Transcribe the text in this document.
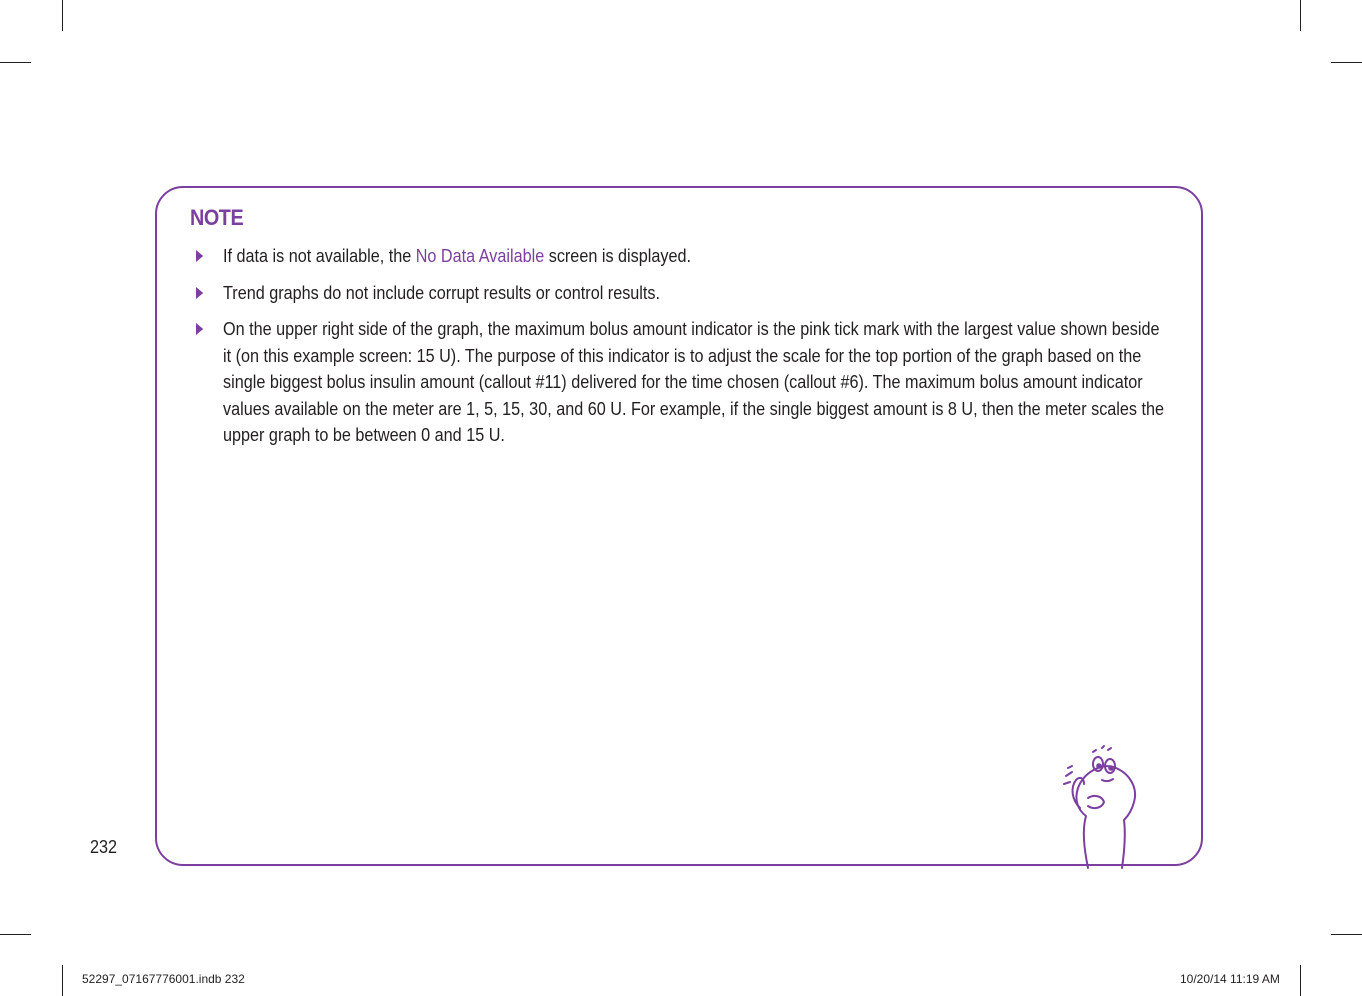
NOTE
If data is not available, the No Data Available screen is displayed.
Trend graphs do not include corrupt results or control results.
On the upper right side of the graph, the maximum bolus amount indicator is the pink tick mark with the largest value shown beside it (on this example screen: 15 U). The purpose of this indicator is to adjust the scale for the top portion of the graph based on the single biggest bolus insulin amount (callout #11) delivered for the time chosen (callout #6). The maximum bolus amount indicator values available on the meter are 1, 5, 15, 30, and 60 U. For example, if the single biggest amount is 8 U, then the meter scales the upper graph to be between 0 and 15 U.
232
52297_07167776001.indb 232	10/20/14 11:19 AM
